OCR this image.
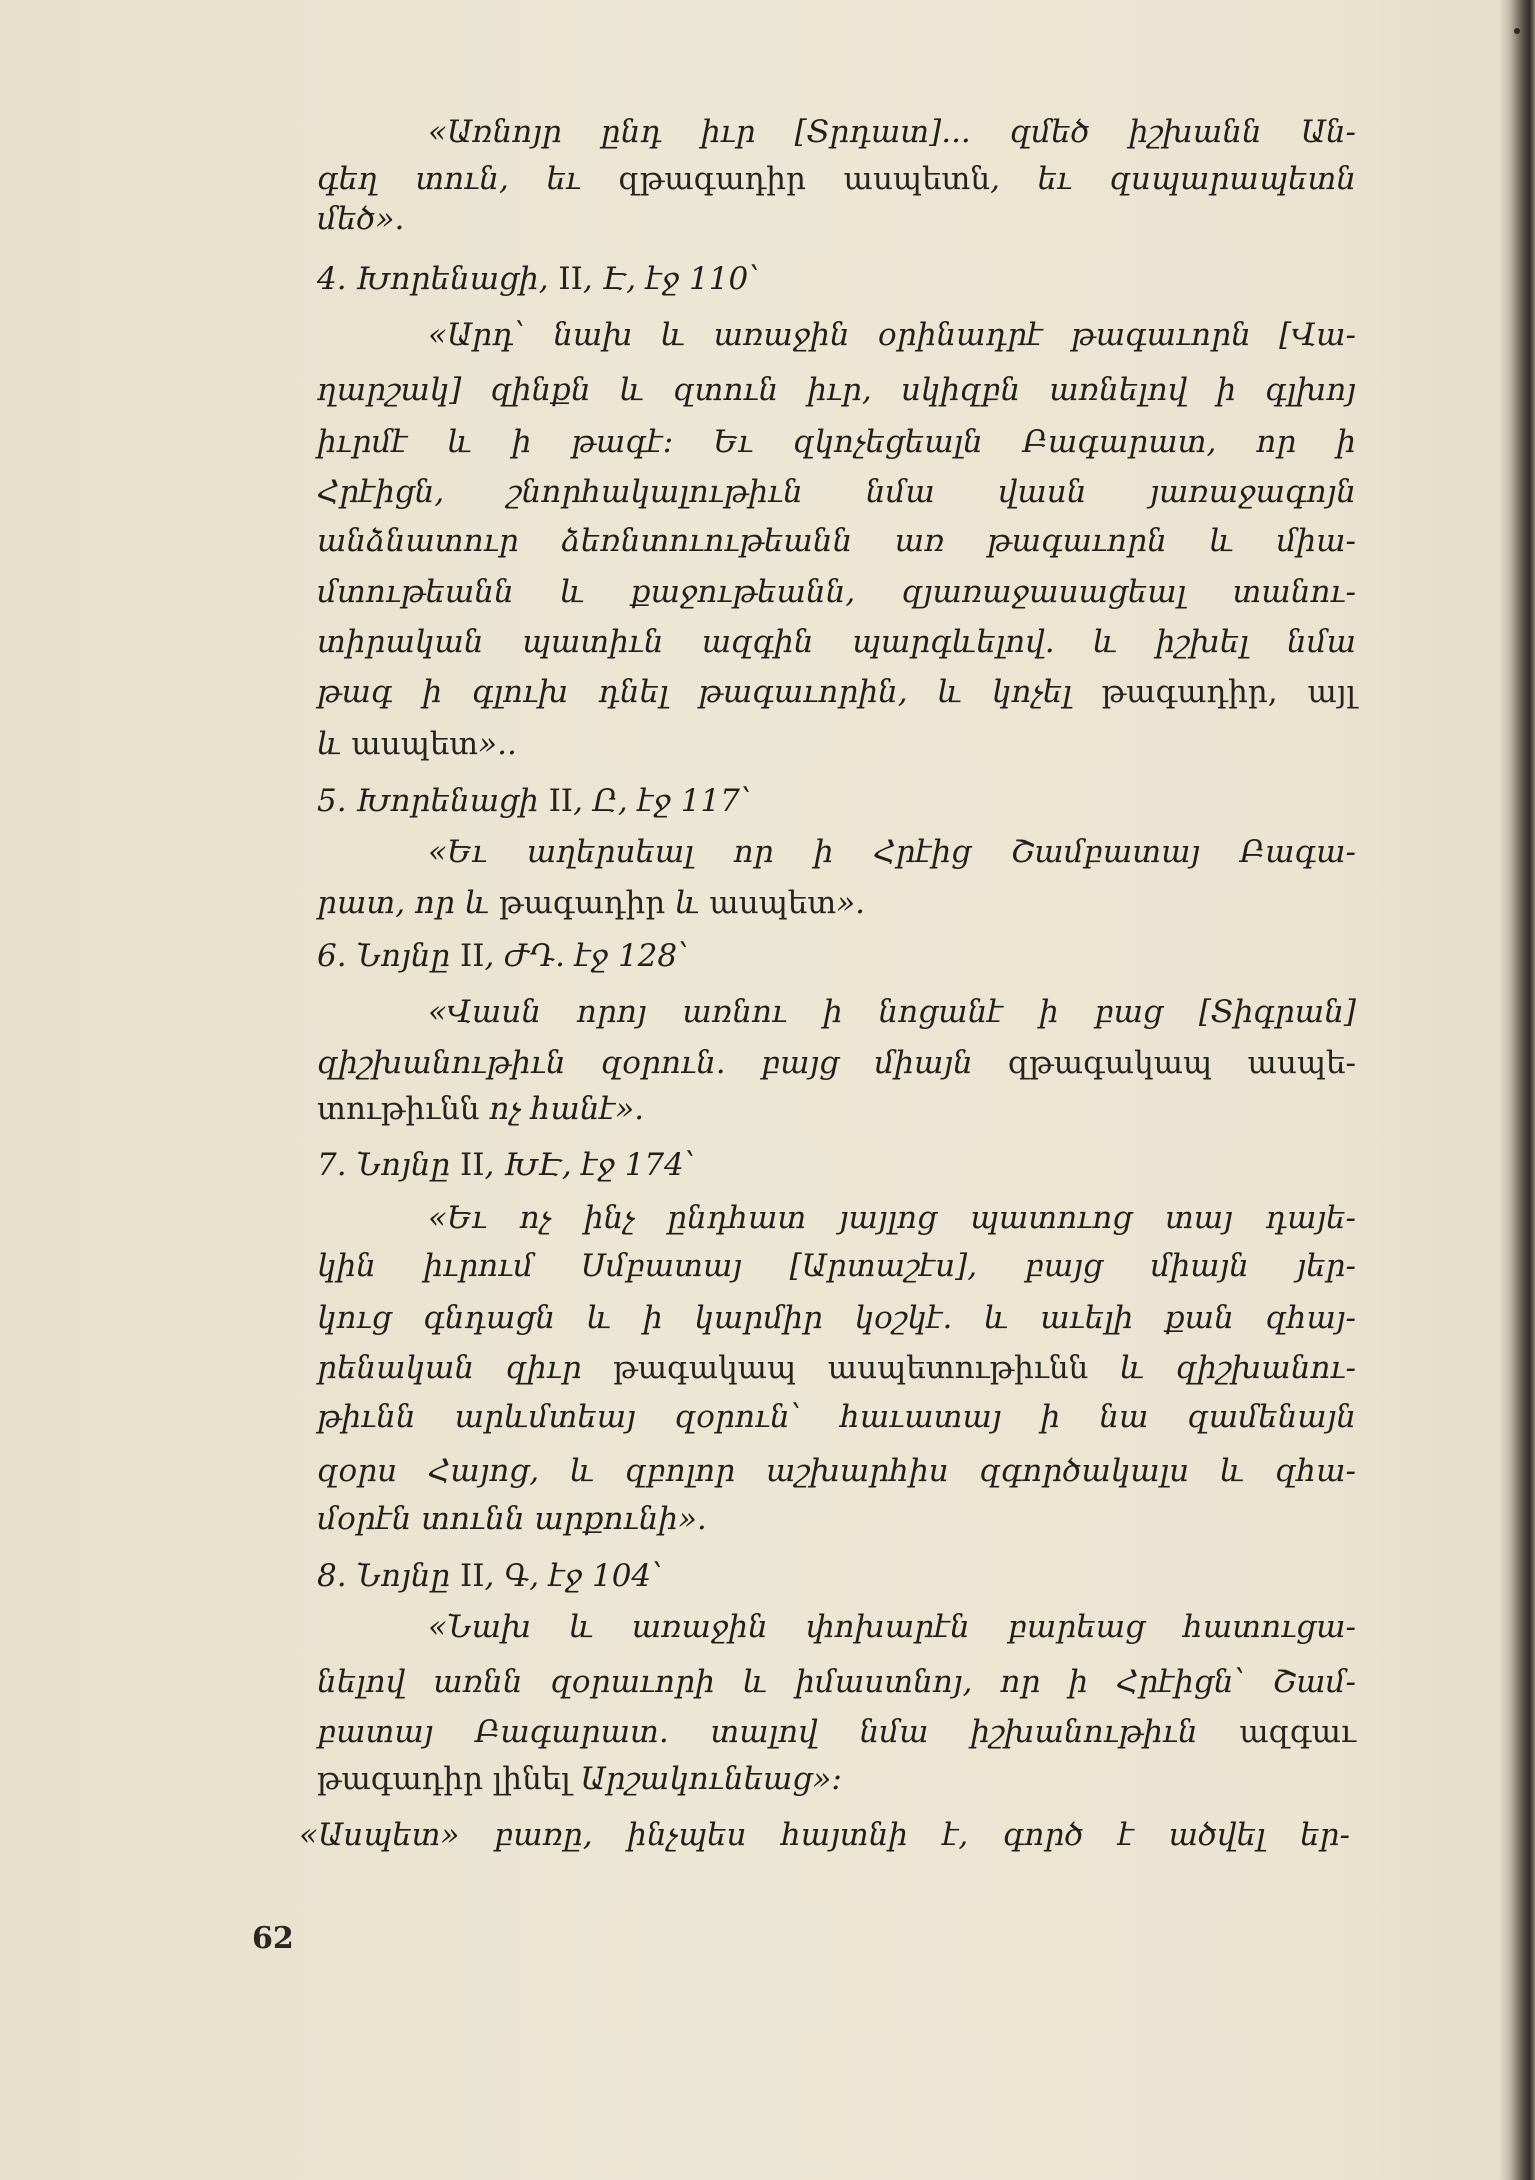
«Առնոյր ընդ իւր [Տրդատ]... զմեծ իշխանն Ան-
գեղ տուն, եւ զթագադիր ասպետն, եւ զսպարապետն
մեծ».
4. Խորենացի, II, Է, էջ 110՝
«Արդ՝ նախ և առաջին օրինադրէ թագաւորն [Վա-
ղարշակ] զինքն և զտուն իւր, սկիզբն առնելով ի գլխոյ
իւրմէ և ի թագէ։ Եւ զկոչեցեալն Բագարատ, որ ի
Հրէիցն, շնորհակալութիւն նմա վասն յառաջագոյն
անձնատուր ձեռնտուութեանն առ թագաւորն և միա-
մտութեանն և քաջութեանն, զյառաջասացեալ տանու-
տիրական պատիւն ազգին պարգևելով. և իշխել նմա
թագ ի գլուխ դնել թագաւորին, և կոչել թագադիր, այլ
և ասպետ»..
5. Խորենացի II, Ը, էջ 117՝
«Եւ աղերսեալ որ ի Հրէից Շամբատայ Բագա-
րատ, որ և թագադիր և ասպետ».
6. Նոյնը II, ԺԴ. էջ 128՝
«Վասն որոյ առնու ի նոցանէ ի բաց [Տիգրան]
զիշխանութիւն զօրուն. բայց միայն զթագակապ ասպե-
տութիւնն ոչ հանէ».
7. Նոյնը II, ԽԷ, էջ 174՝
«Եւ ոչ ինչ ընդհատ յայլոց պատուոց տայ դայե-
կին իւրում Սմբատայ [Արտաշէս], բայց միայն յեր-
կուց գնդացն և ի կարմիր կօշկէ. և աւելի քան զհայ-
րենական զիւր թագակապ ասպետութիւնն և զիշխանու-
թիւնն արևմտեայ զօրուն՝ հաւատայ ի նա զամենայն
զօրս Հայոց, և զբոլոր աշխարհիս զգործակալս և զհա-
մօրէն տունն արքունի».
8. Նոյնը II, Գ, էջ 104՝
«Նախ և առաջին փոխարէն բարեաց հատուցա-
նելով առնն զօրաւորի և իմաստնոյ, որ ի Հրէիցն՝ Շամ-
բատայ Բագարատ. տալով նմա իշխանութիւն ազգաւ
թագադիր լինել Արշակունեաց»։
«Ասպետ» բառը, ինչպես հայտնի է, գործ է ածվել եր-
62
